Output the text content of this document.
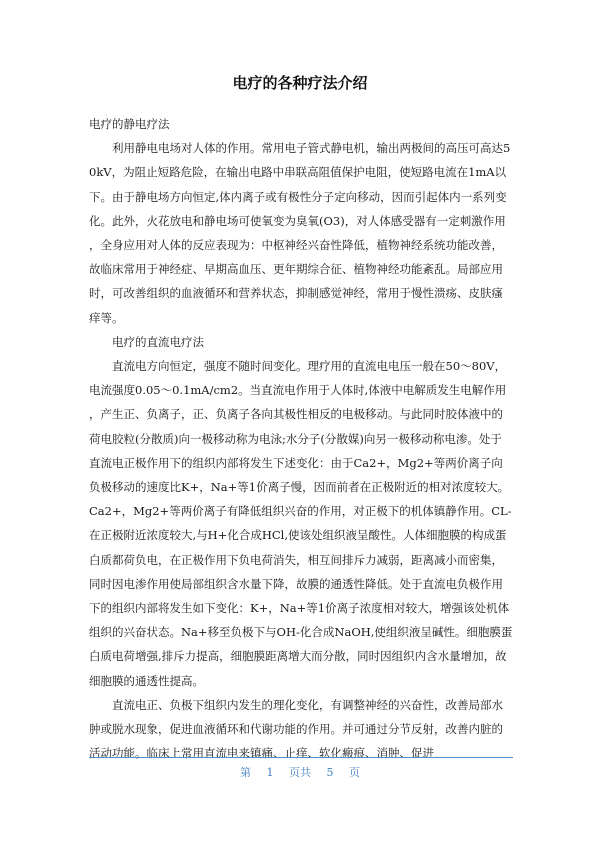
电疗的各种疗法介绍

电疗的静电疗法

利用静电电场对人体的作用。常用电子管式静电机，输出两极间的高压可高达50kV，为阻止短路危险，在输出电路中串联高阻值保护电阻，使短路电流在1mA以下。由于静电场方向恒定,体内离子或有极性分子定向移动，因而引起体内一系列变化。此外，火花放电和静电场可使氧变为臭氧(O3)，对人体感受器有一定刺激作用，全身应用对人体的反应表现为：中枢神经兴奋性降低，植物神经系统功能改善，故临床常用于神经症、早期高血压、更年期综合征、植物神经功能紊乱。局部应用时，可改善组织的血液循环和营养状态，抑制感觉神经，常用于慢性溃疡、皮肤瘙痒等。

电疗的直流电疗法

直流电方向恒定，强度不随时间变化。理疗用的直流电电压一般在50～80V，电流强度0.05～0.1mA/cm2。当直流电作用于人体时,体液中电解质发生电解作用，产生正、负离子，正、负离子各向其极性相反的电极移动。与此同时胶体液中的荷电胶粒(分散质)向一极移动称为电泳;水分子(分散媒)向另一极移动称电渗。处于直流电正极作用下的组织内部将发生下述变化：由于Ca2+，Mg2+等两价离子向负极移动的速度比K+，Na+等1价离子慢，因而前者在正极附近的相对浓度较大。Ca2+，Mg2+等两价离子有降低组织兴奋的作用，对正极下的机体镇静作用。CL-在正极附近浓度较大,与H+化合成HCl,使该处组织液呈酸性。人体细胞膜的构成蛋白质都荷负电，在正极作用下负电荷消失，相互间排斥力减弱，距离减小而密集，同时因电渗作用使局部组织含水量下降，故膜的通透性降低。处于直流电负极作用下的组织内部将发生如下变化：K+，Na+等1价离子浓度相对较大，增强该处机体组织的兴奋状态。Na+移至负极下与OH-化合成NaOH,使组织液呈碱性。细胞膜蛋白质电荷增强,排斥力提高，细胞膜距离增大而分散，同时因组织内含水量增加，故细胞膜的通透性提高。

直流电正、负极下组织内发生的理化变化，有调整神经的兴奋性，改善局部水肿或脱水现象，促进血液循环和代谢功能的作用。并可通过分节反射，改善内脏的活动功能。临床上常用直流电来镇痛、止痒、软化瘢痕、消肿、促进

第 1 页共 5 页
